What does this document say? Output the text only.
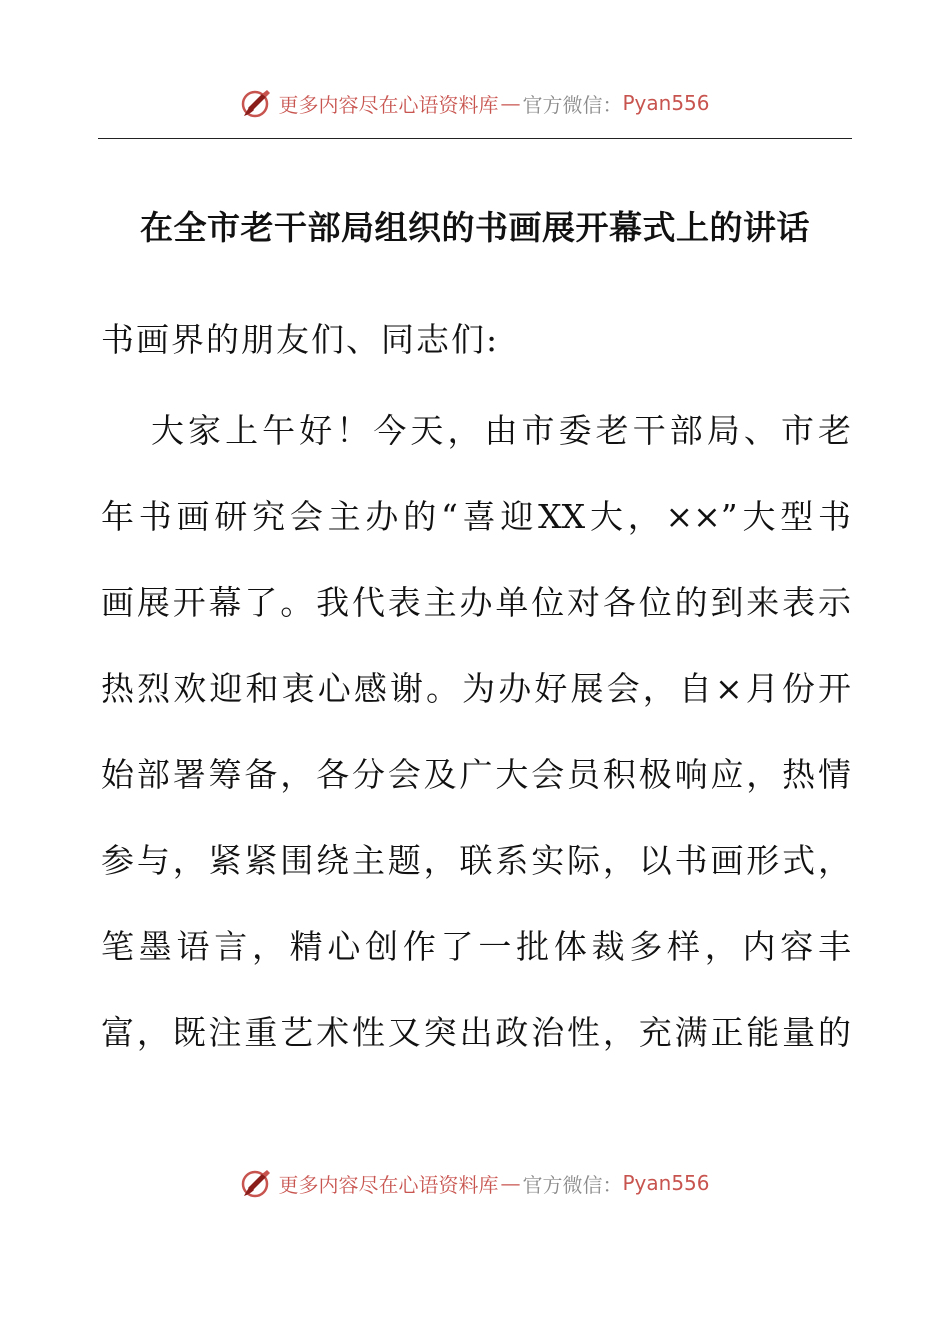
更多内容尽在心语资料库 — 官方微信： Pyan556
在全市老干部局组织的书画展开幕式上的讲话
书画界的朋友们、同志们:
大家上午好！今天，由市委老干部局、市老
年书画研究会主办的“喜迎XX大，××”大型书
画展开幕了。我代表主办单位对各位的到来表示
热烈欢迎和衷心感谢。为办好展会，自×月份开
始部署筹备，各分会及广大会员积极响应，热情
参与，紧紧围绕主题，联系实际，以书画形式，
笔墨语言，精心创作了一批体裁多样，内容丰
富，既注重艺术性又突出政治性，充满正能量的
更多内容尽在心语资料库 — 官方微信： Pyan556
